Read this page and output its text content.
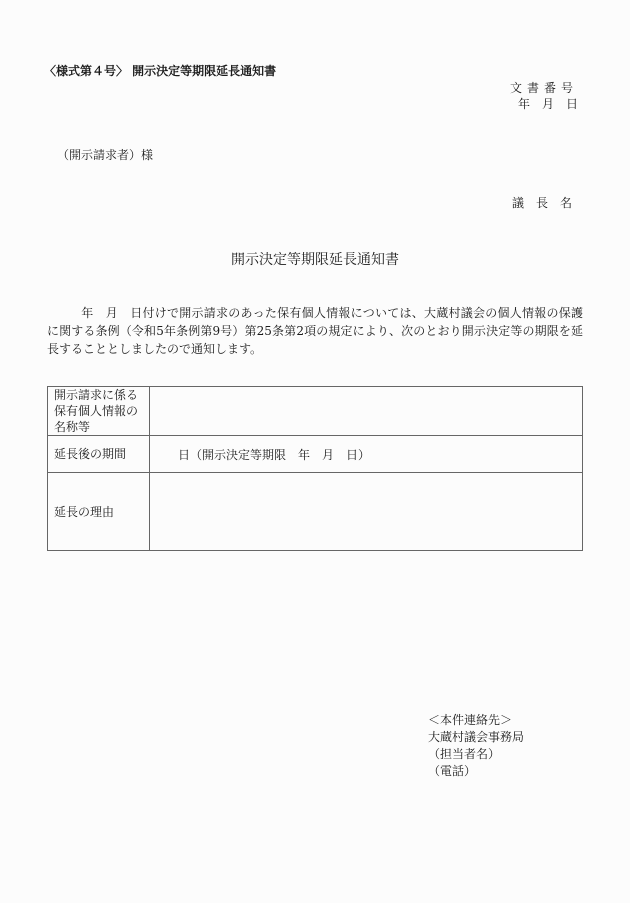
〈様式第４号〉 開示決定等期限延長通知書
文書番号
年　月　日
（開示請求者）様
議　長　名
開示決定等期限延長通知書
年　月　日付けで開示請求のあった保有個人情報については、大蔵村議会の個人情報の保護に関する条例（令和5年条例第9号）第25条第2項の規定により、次のとおり開示決定等の期限を延長することとしましたので通知します。
開示請求に係る保有個人情報の名称等	
延長後の期間	日（開示決定等期限　年　月　日）
延長の理由	
＜本件連絡先＞
大蔵村議会事務局
（担当者名）
（電話）
